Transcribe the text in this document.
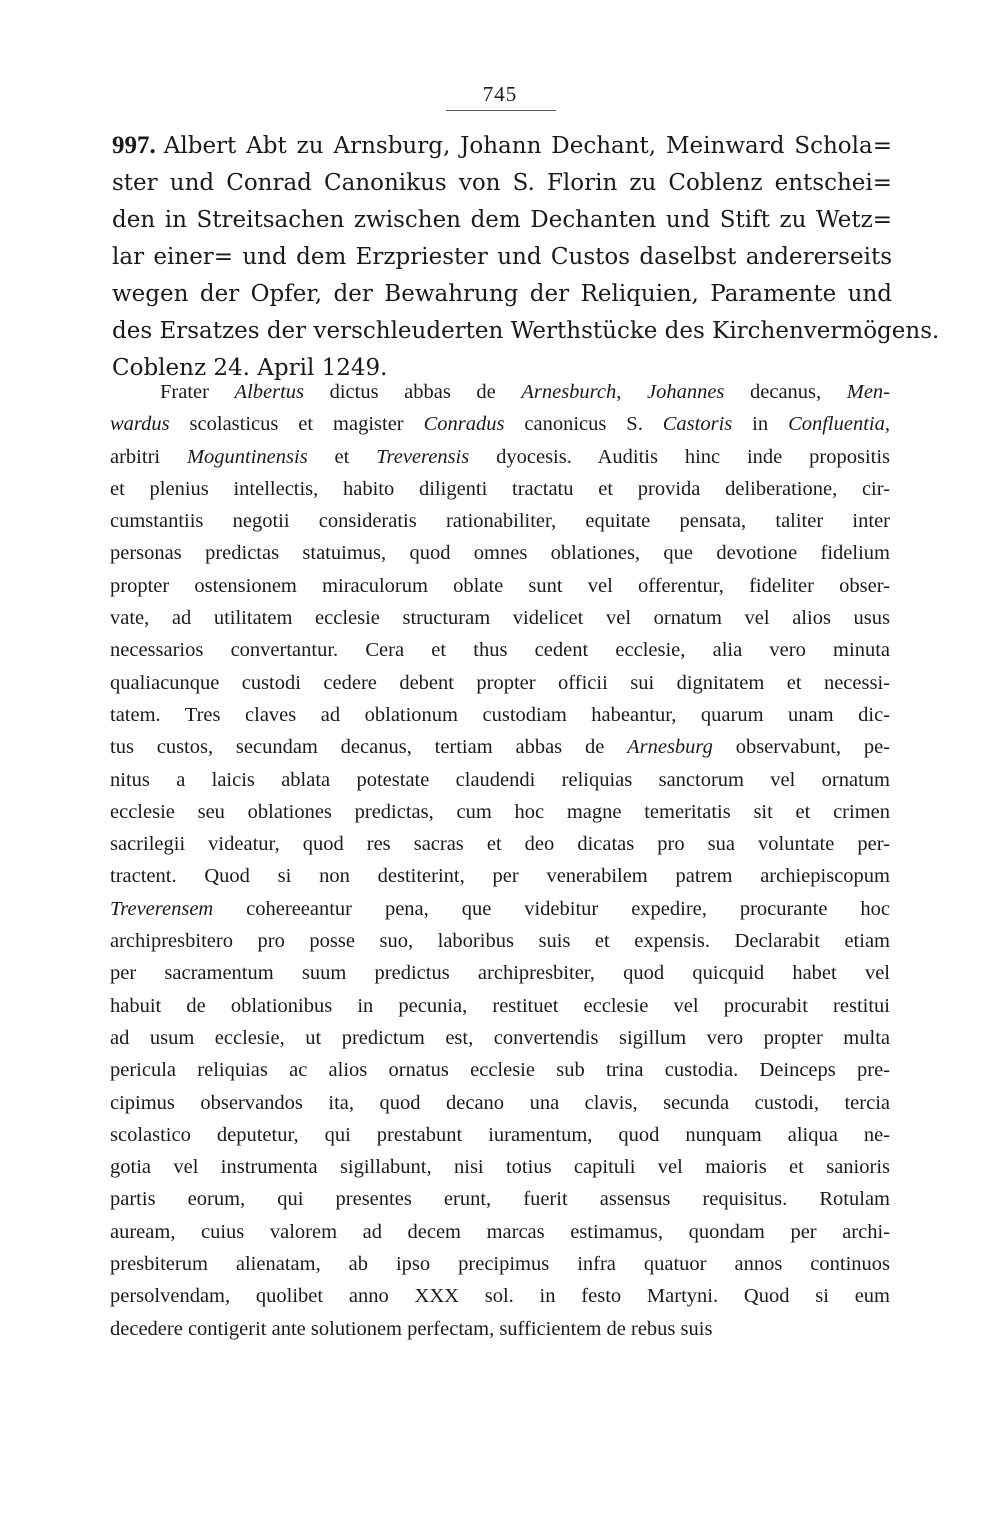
745
997. Albert Abt zu Arnsburg, Johann Dechant, Meinward Schola=
ster und Conrad Canonikus von S. Florin zu Coblenz entschei=
den in Streitsachen zwischen dem Dechanten und Stift zu Wetz=
lar einer= und dem Erzpriester und Custos daselbst andererseits
wegen der Opfer, der Bewahrung der Reliquien, Paramente und
des Ersatzes der verschleuderten Werthstücke des Kirchenvermögens.
Coblenz 24. April 1249.
Frater Albertus dictus abbas de Arnesburch, Johannes decanus, Men-
wardus scolasticus et magister Conradus canonicus S. Castoris in Confluentia,
arbitri Moguntinensis et Treverensis dyocesis. Auditis hinc inde propositis
et plenius intellectis, habito diligenti tractatu et provida deliberatione, cir-
cumstantiis negotii consideratis rationabiliter, equitate pensata, taliter inter
personas predictas statuimus, quod omnes oblationes, que devotione fidelium
propter ostensionem miraculorum oblate sunt vel offerentur, fideliter obser-
vate, ad utilitatem ecclesie structuram videlicet vel ornatum vel alios usus
necessarios convertantur. Cera et thus cedent ecclesie, alia vero minuta
qualiacunque custodi cedere debent propter officii sui dignitatem et necessi-
tatem. Tres claves ad oblationum custodiam habeantur, quarum unam dic-
tus custos, secundam decanus, tertiam abbas de Arnesburg observabunt, pe-
nitus a laicis ablata potestate claudendi reliquias sanctorum vel ornatum
ecclesie seu oblationes predictas, cum hoc magne temeritatis sit et crimen
sacrilegii videatur, quod res sacras et deo dicatas pro sua voluntate per-
tractent. Quod si non destiterint, per venerabilem patrem archiepiscopum
Treverensem cohereeantur pena, que videbitur expedire, procurante hoc
archipresbitero pro posse suo, laboribus suis et expensis. Declarabit etiam
per sacramentum suum predictus archipresbiter, quod quicquid habet vel
habuit de oblationibus in pecunia, restituet ecclesie vel procurabit restitui
ad usum ecclesie, ut predictum est, convertendis sigillum vero propter multa
pericula reliquias ac alios ornatus ecclesie sub trina custodia. Deinceps pre-
cipimus observandos ita, quod decano una clavis, secunda custodi, tercia
scolastico deputetur, qui prestabunt iuramentum, quod nunquam aliqua ne-
gotia vel instrumenta sigillabunt, nisi totius capituli vel maioris et sanioris
partis eorum, qui presentes erunt, fuerit assensus requisitus. Rotulam
auream, cuius valorem ad decem marcas estimamus, quondam per archi-
presbiterum alienatam, ab ipso precipimus infra quatuor annos continuos
persolvendam, quolibet anno XXX sol. in festo Martyni. Quod si eum
decedere contigerit ante solutionem perfectam, sufficientem de rebus suis
